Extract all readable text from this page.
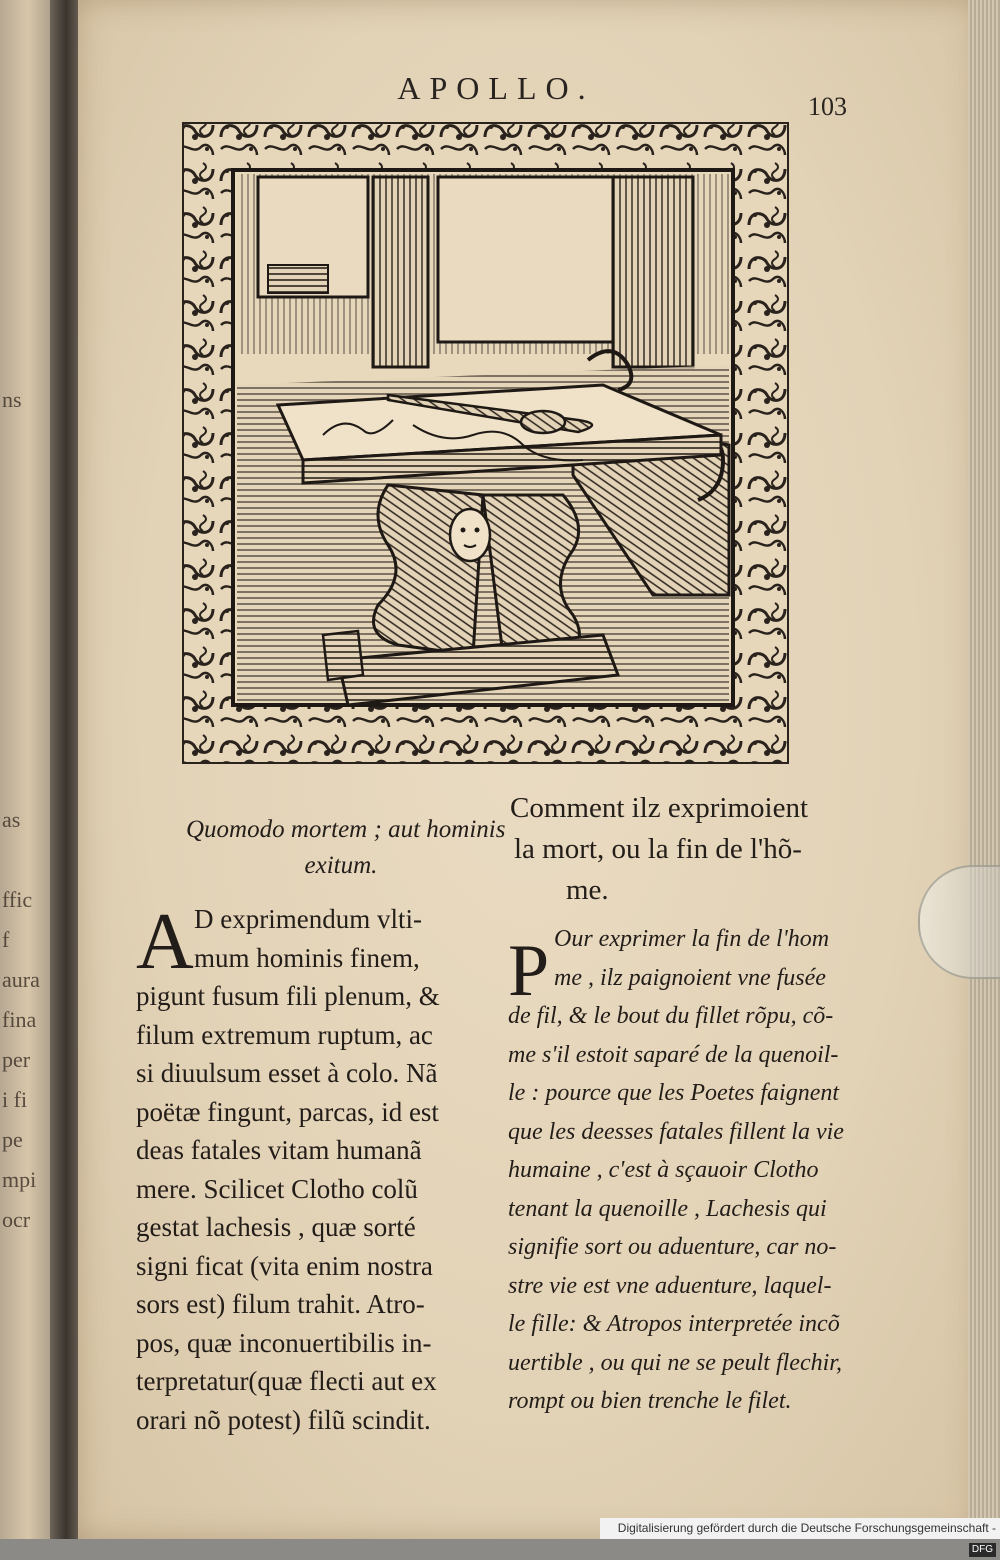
ns
as
ffic
f
aura
fina
per
i fi
pe
mpi
ocr
APOLLO.
103
Quomodo mortem ; aut hominis
exitum.
Comment ilz exprimoient
la mort, ou la fin de l'hõ-
me.
A D exprimendum vlti-
mum hominis finem,
pigunt fusum fili plenum, &
filum extremum ruptum, ac
si diuulsum esset à colo. Nã
poëtæ fingunt, parcas, id est
deas fatales vitam humanã
mere. Scilicet Clotho colũ
gestat lachesis , quæ sorté
signi ficat (vita enim nostra
sors est) filum trahit. Atro-
pos, quæ inconuertibilis in-
terpretatur(quæ flecti aut ex
orari nõ potest) filũ scindit.
P Our exprimer la fin de l'hom
me , ilz paignoient vne fusée
de fil, & le bout du fillet rõpu, cõ-
me s'il estoit saparé de la quenoil-
le : pource que les Poetes faignent
que les deesses fatales fillent la vie
humaine , c'est à sçauoir Clotho
tenant la quenoille , Lachesis qui
signifie sort ou aduenture, car no-
stre vie est vne aduenture, laquel-
le fille: & Atropos interpretée incõ
uertible , ou qui ne se peult flechir,
rompt ou bien trenche le filet.
Digitalisierung gefördert durch die Deutsche Forschungsgemeinschaft -DFG
